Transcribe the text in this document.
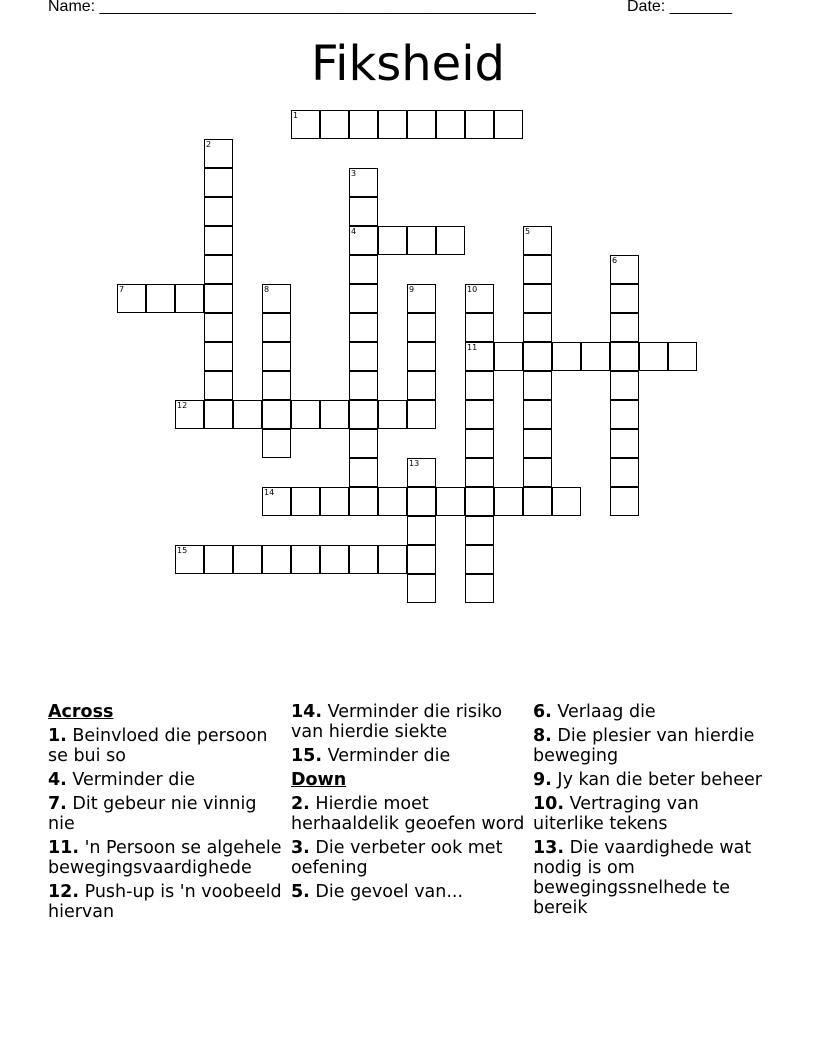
Name: _________________________________________________	Date: _______
Fiksheid
1
2
3
4	5
6
7	8	9	10
11
12
13
14
15
Across
1. Beinvloed die persoon se bui so
4. Verminder die
7. Dit gebeur nie vinnig nie
11. 'n Persoon se algehele bewegingsvaardighede
12. Push-up is 'n voobeeld hiervan
14. Verminder die risiko van hierdie siekte
15. Verminder die
Down
2. Hierdie moet herhaaldelik geoefen word
3. Die verbeter ook met oefening
5. Die gevoel van...
6. Verlaag die
8. Die plesier van hierdie beweging
9. Jy kan die beter beheer
10. Vertraging van uiterlike tekens
13. Die vaardighede wat nodig is om bewegingssnelhede te bereik
